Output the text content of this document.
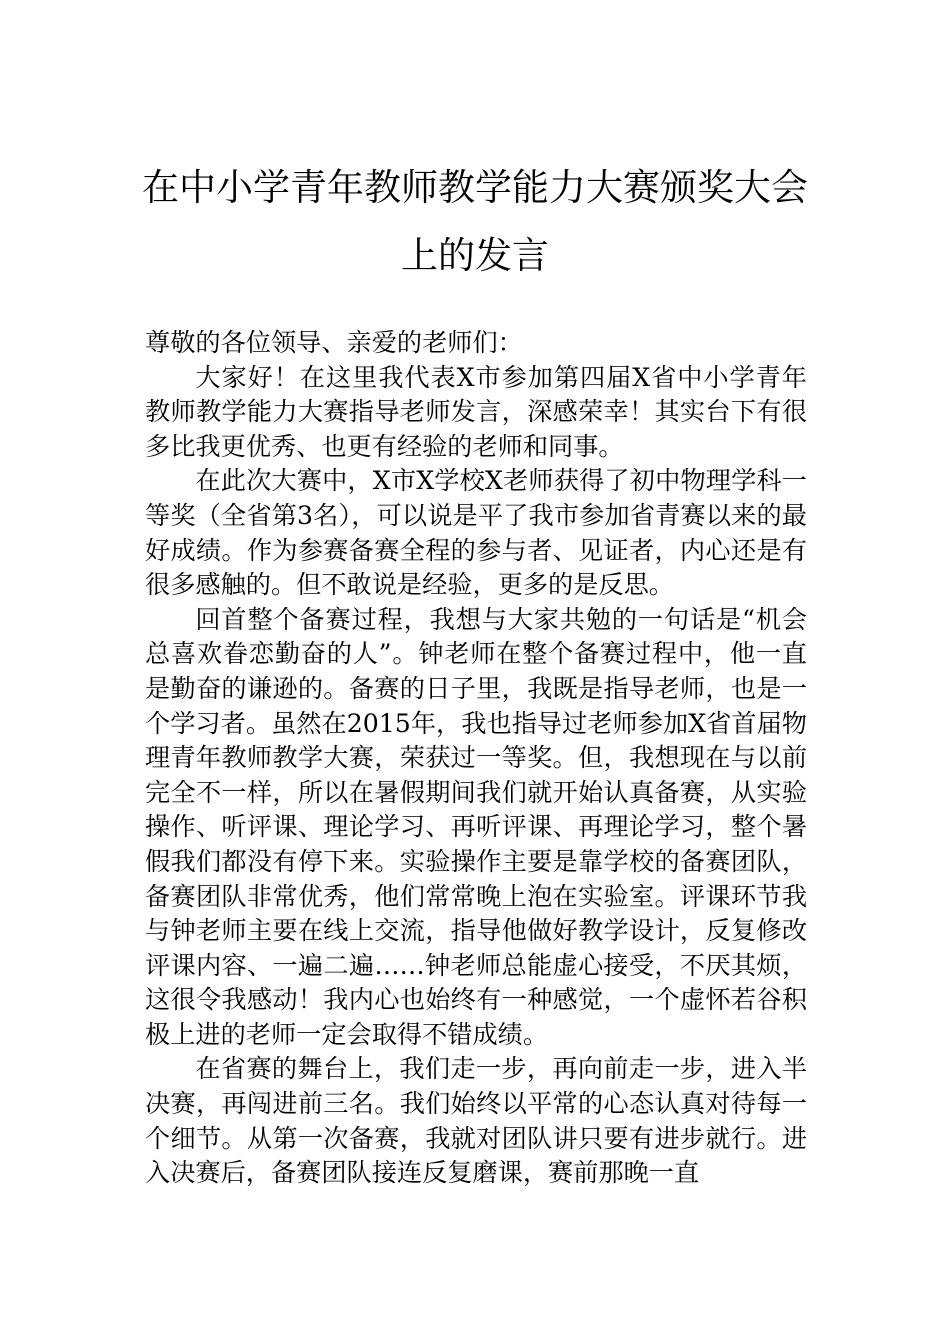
在中小学青年教师教学能力大赛颁奖大会
上的发言

尊敬的各位领导、亲爱的老师们：

大家好！在这里我代表X市参加第四届X省中小学青年教师教学能力大赛指导老师发言，深感荣幸！其实台下有很多比我更优秀、也更有经验的老师和同事。

在此次大赛中，X市X学校X老师获得了初中物理学科一等奖（全省第3名），可以说是平了我市参加省青赛以来的最好成绩。作为参赛备赛全程的参与者、见证者，内心还是有很多感触的。但不敢说是经验，更多的是反思。

回首整个备赛过程，我想与大家共勉的一句话是“机会总喜欢眷恋勤奋的人”。钟老师在整个备赛过程中，他一直是勤奋的谦逊的。备赛的日子里，我既是指导老师，也是一个学习者。虽然在2015年，我也指导过老师参加X省首届物理青年教师教学大赛，荣获过一等奖。但，我想现在与以前完全不一样，所以在暑假期间我们就开始认真备赛，从实验操作、听评课、理论学习、再听评课、再理论学习，整个暑假我们都没有停下来。实验操作主要是靠学校的备赛团队，备赛团队非常优秀，他们常常晚上泡在实验室。评课环节我与钟老师主要在线上交流，指导他做好教学设计，反复修改评课内容、一遍二遍……钟老师总能虚心接受，不厌其烦，这很令我感动！我内心也始终有一种感觉，一个虚怀若谷积极上进的老师一定会取得不错成绩。

在省赛的舞台上，我们走一步，再向前走一步，进入半决赛，再闯进前三名。我们始终以平常的心态认真对待每一个细节。从第一次备赛，我就对团队讲只要有进步就行。进入决赛后，备赛团队接连反复磨课，赛前那晚一直
